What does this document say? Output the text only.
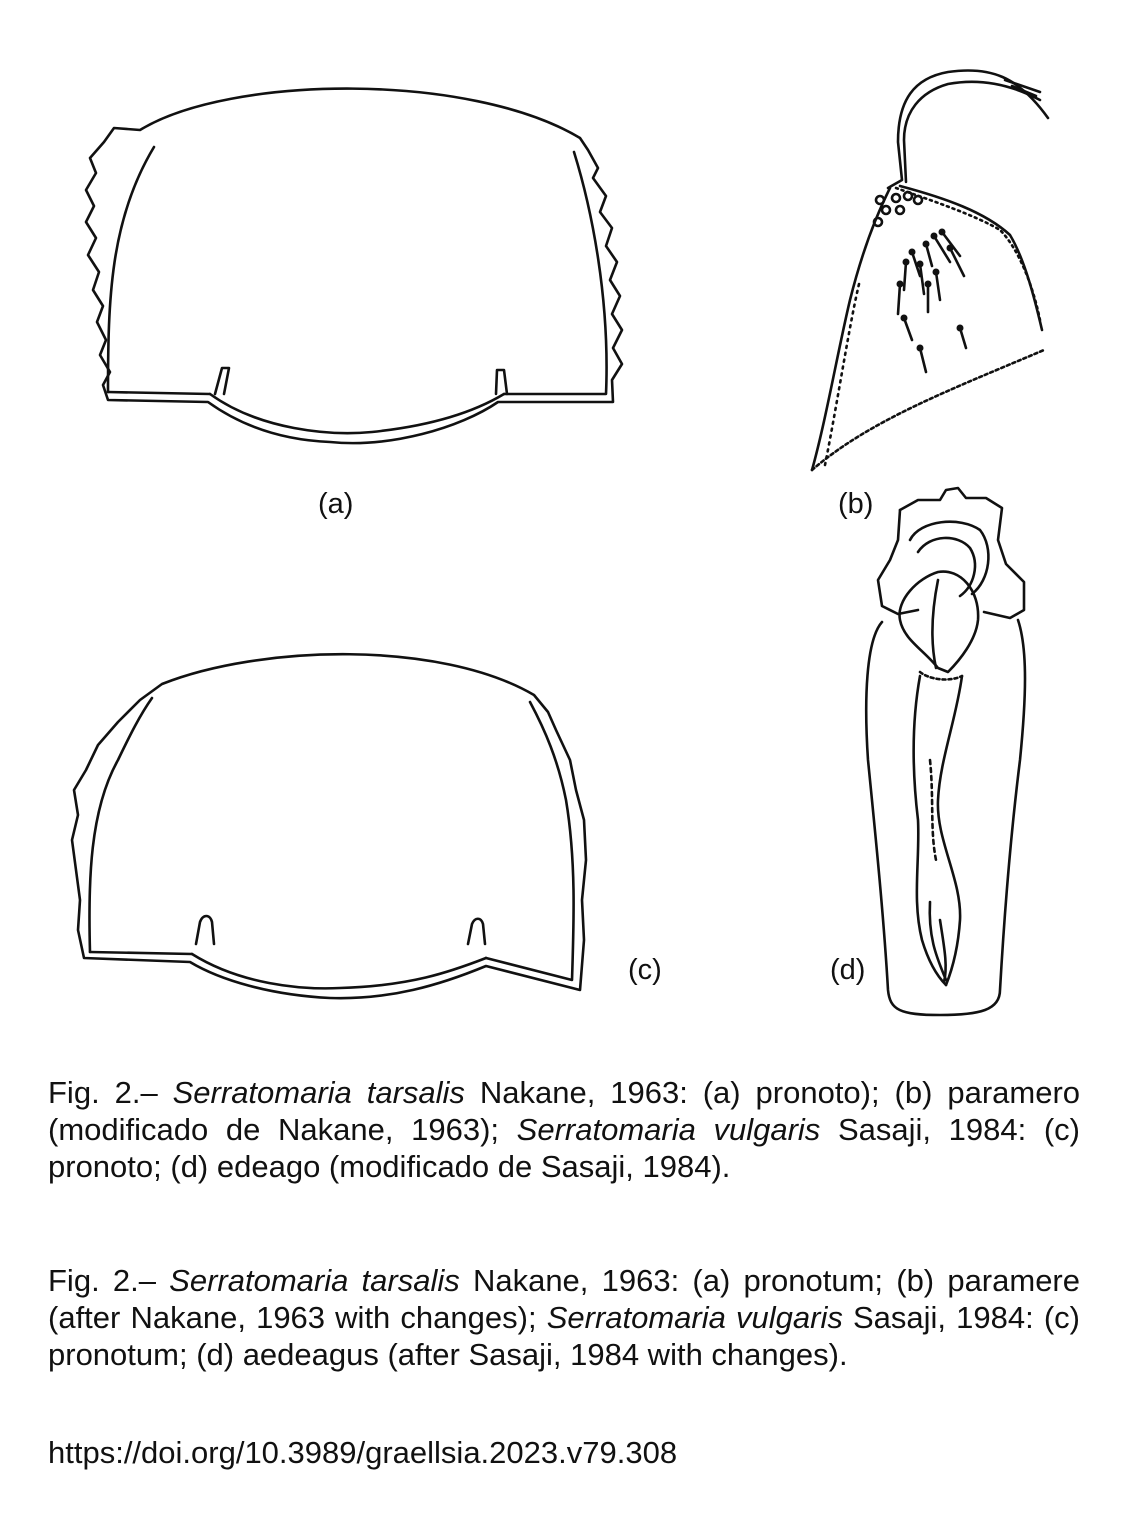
(a)	(b)
(c)	(d)

Fig. 2.– Serratomaria tarsalis Nakane, 1963: (a) pronoto); (b) paramero (modificado de Nakane, 1963); Serratomaria vulgaris Sasaji, 1984: (c) pronoto; (d) edeago (modificado de Sasaji, 1984).

Fig. 2.– Serratomaria tarsalis Nakane, 1963: (a) pronotum; (b) paramere (after Nakane, 1963 with changes); Serratomaria vulgaris Sasaji, 1984: (c) pronotum; (d) aedeagus (after Sasaji, 1984 with changes).

https://doi.org/10.3989/graellsia.2023.v79.308
